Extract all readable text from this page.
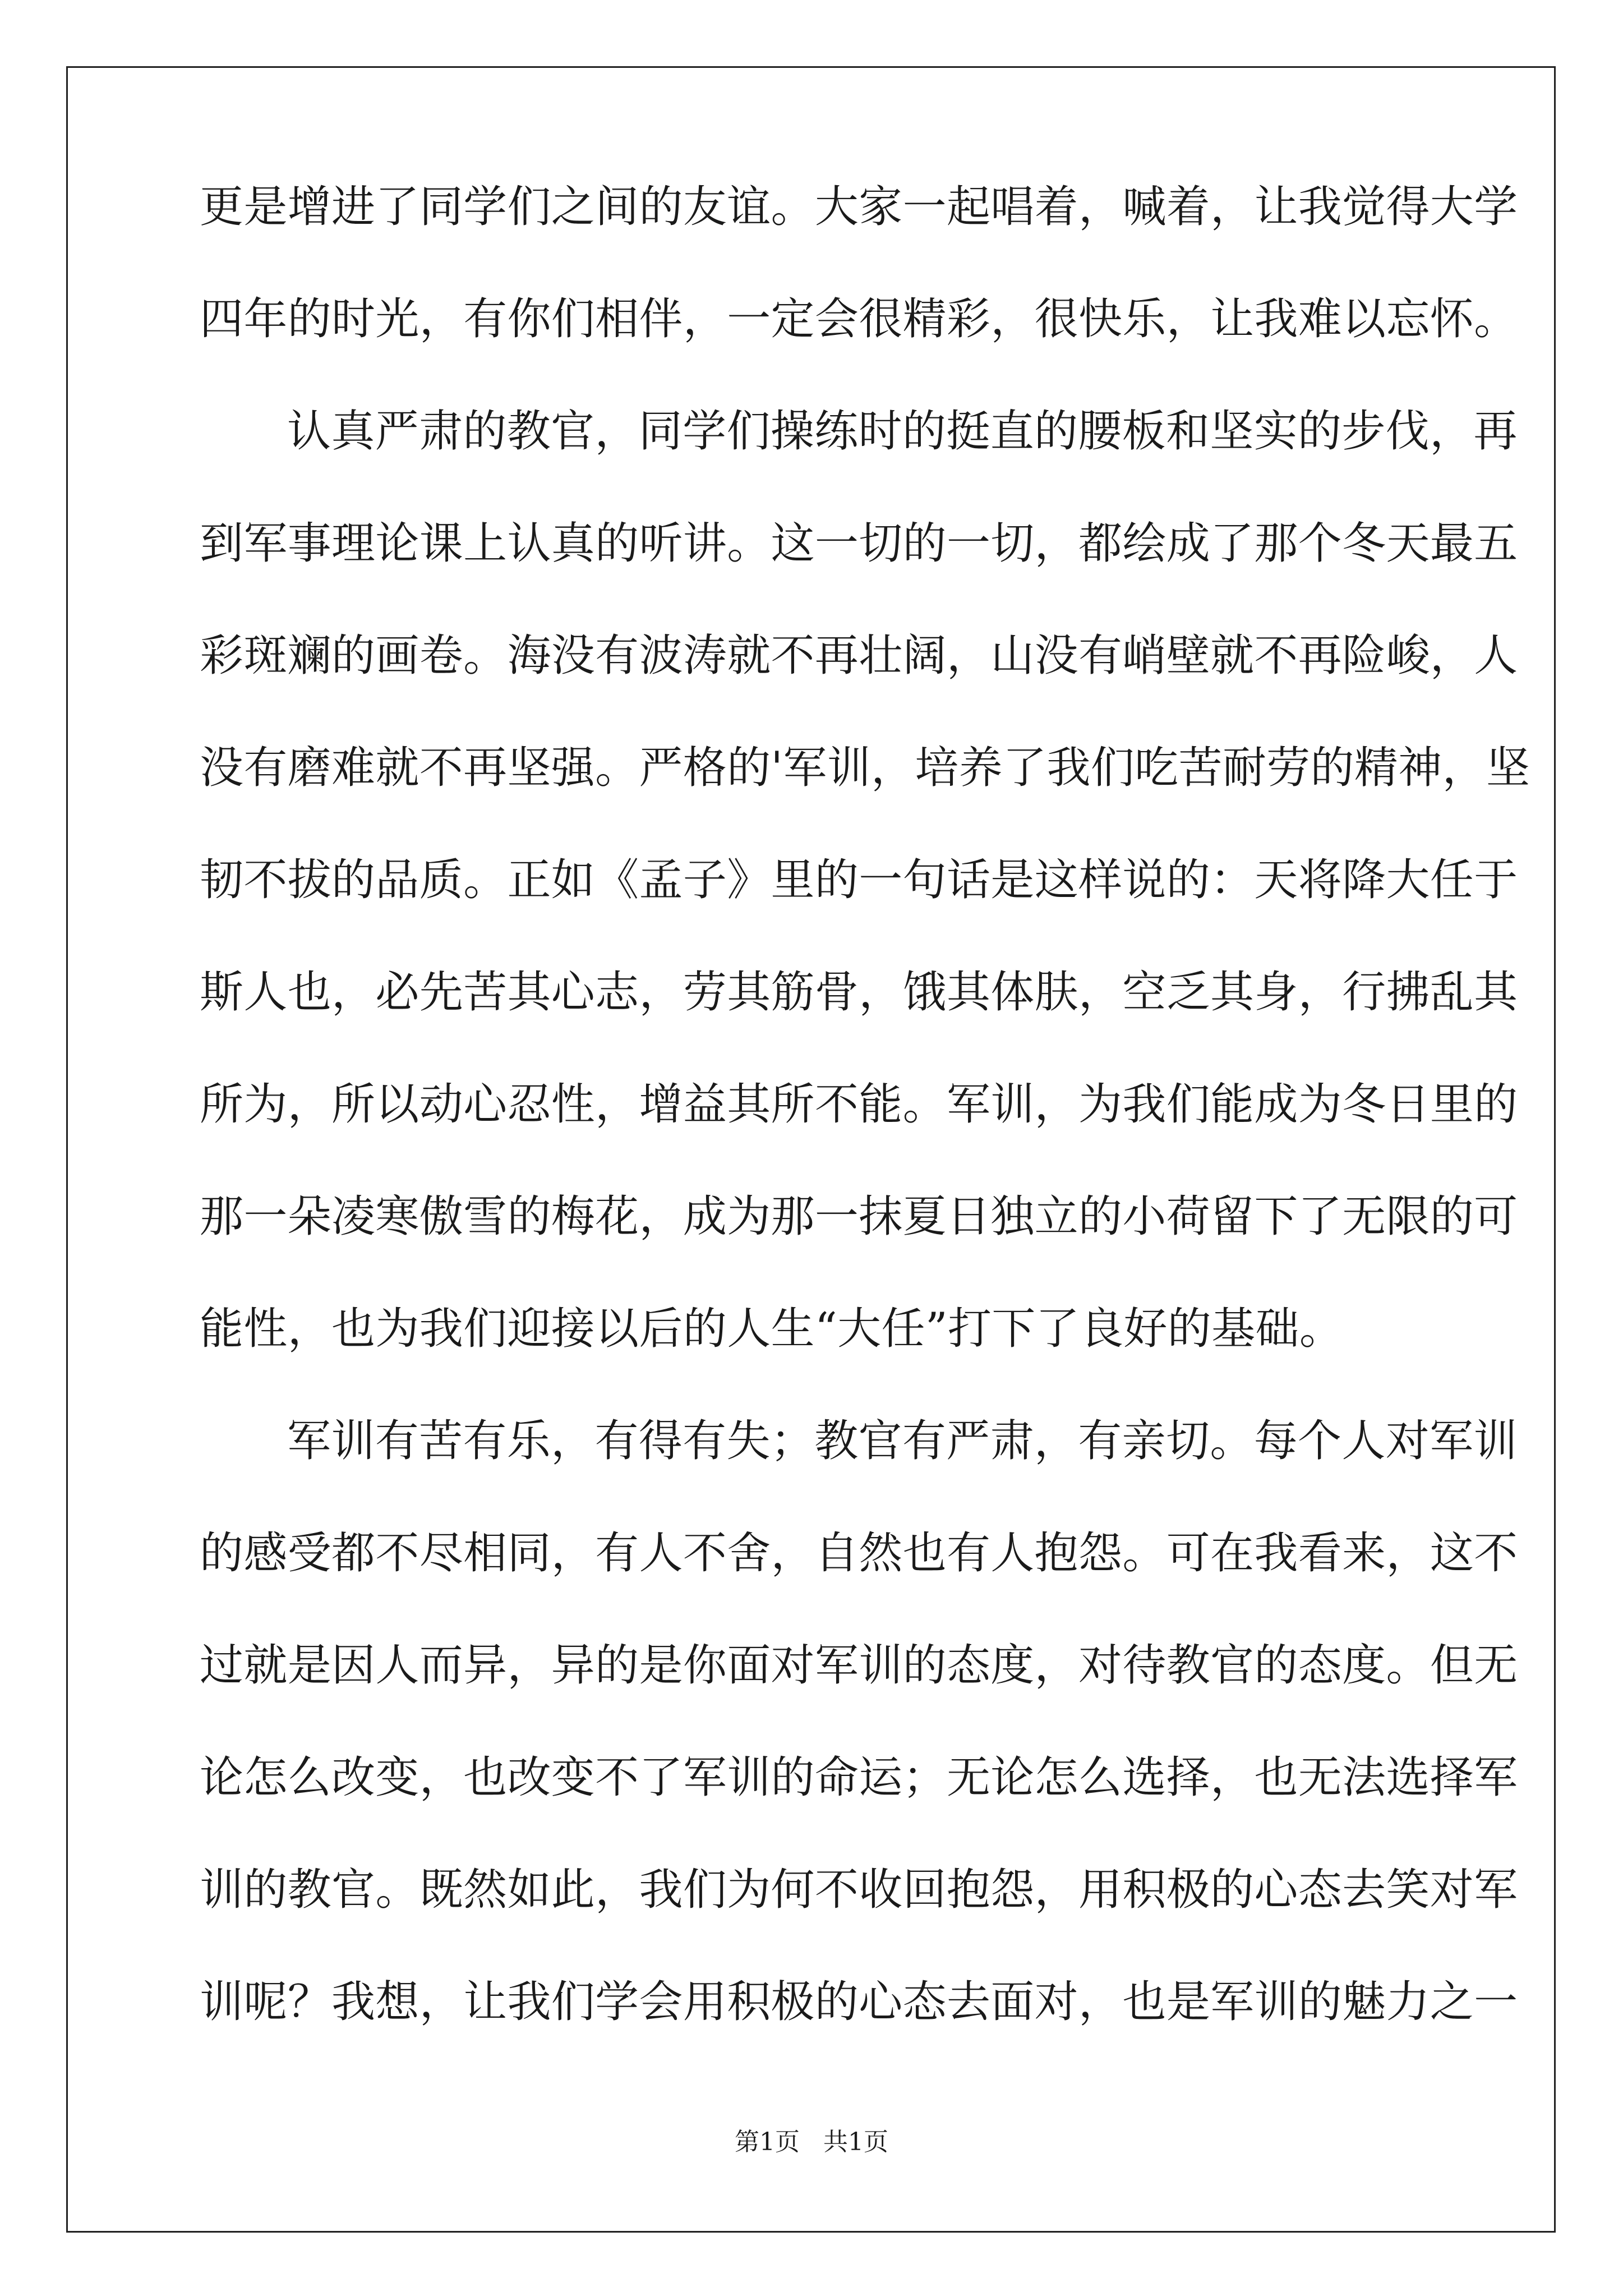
更是增进了同学们之间的友谊。大家一起唱着，喊着，让我觉得大学
四年的时光，有你们相伴，一定会很精彩，很快乐，让我难以忘怀。
认真严肃的教官，同学们操练时的挺直的腰板和坚实的步伐，再
到军事理论课上认真的听讲。这一切的一切，都绘成了那个冬天最五
彩斑斓的画卷。海没有波涛就不再壮阔，山没有峭壁就不再险峻，人
没有磨难就不再坚强。严格的'军训，培养了我们吃苦耐劳的精神，坚
韧不拔的品质。正如《孟子》里的一句话是这样说的：天将降大任于
斯人也，必先苦其心志，劳其筋骨，饿其体肤，空乏其身，行拂乱其
所为，所以动心忍性，增益其所不能。军训，为我们能成为冬日里的
那一朵凌寒傲雪的梅花，成为那一抹夏日独立的小荷留下了无限的可
能性，也为我们迎接以后的人生“大任”打下了良好的基础。
军训有苦有乐，有得有失；教官有严肃，有亲切。每个人对军训
的感受都不尽相同，有人不舍，自然也有人抱怨。可在我看来，这不
过就是因人而异，异的是你面对军训的态度，对待教官的态度。但无
论怎么改变，也改变不了军训的命运；无论怎么选择，也无法选择军
训的教官。既然如此，我们为何不收回抱怨，用积极的心态去笑对军
训呢？我想，让我们学会用积极的心态去面对，也是军训的魅力之一
第1页   共1页
